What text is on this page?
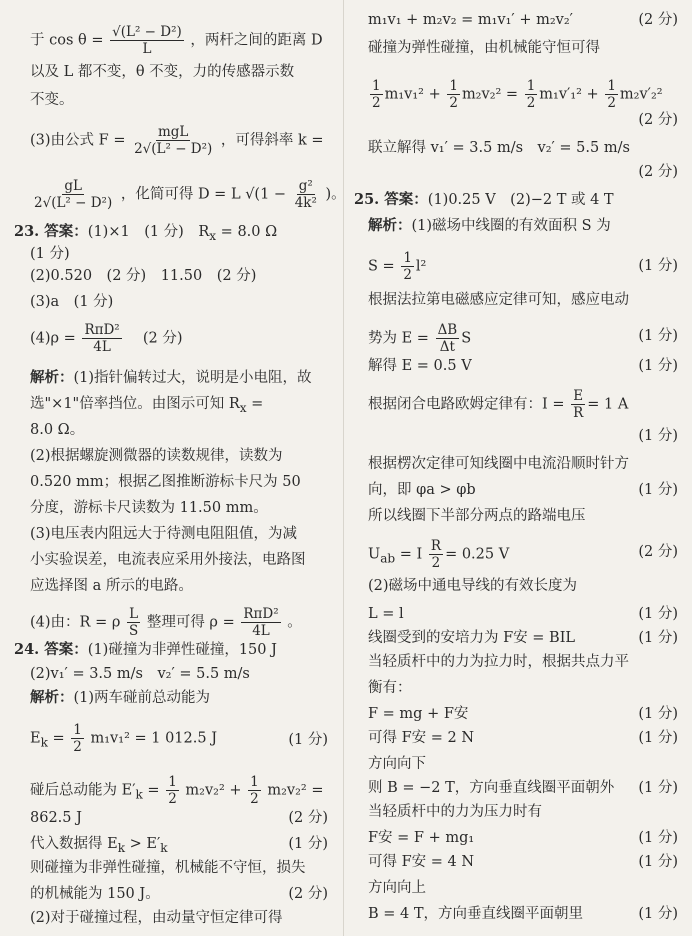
于 $\cos \theta = \frac{\text{√(L² − D²)}}{L}$ ，两杆之间的距离 D
以及 L 都不变，θ 不变，力的传感器示数
不变。
(3)由公式 $F = \frac{\text{mgL}}{\text{2√(L² − D²)}}$ ，可得斜率 k =
$\frac{gL}{\text{2√(L² − D²)}}$ ，化简可得 D = L $√(1 - \frac{\text{g²}}{\text{4k²}}$ )。
23. 答案：(1)×1　(1 分)　$R_x = 8.0$ Ω
(1 分)
(2)0.520　(2 分)　11.50　(2 分)
(3)a　(1 分)
$(4)\rho = \frac{\text{RπD²}}{4L}$ 　(2 分)
解析：(1)指针偏转过大，说明是小电阻，故
选"×1"倍率挡位。由图示可知 $R_x$ =
8.0 Ω。
(2)根据螺旋测微器的读数规律，读数为
0.520 mm；根据乙图推断游标卡尺为 50
分度，游标卡尺读数为 11.50 mm。
(3)电压表内阻远大于待测电阻阻值，为减
小实验误差，电流表应采用外接法，电路图
应选择图 a 所示的电路。
(4)由：R = ρ $\frac{L}{S}$ 整理可得 $\rho = \frac{\text{RπD²}}{4L}$ 。
24. 答案：(1)碰撞为非弹性碰撞，150 J
(2)v₁′ = 3.5 m/s　v₂′ = 5.5 m/s
解析：(1)两车碰前总动能为
$E_k = \frac{1}{2} m_1v_1^2 = 1$ 012.5 J	(1 分)
碰后总动能为 $E'_k = \frac{1}{2} m_2v_2^2 + \frac{1}{2} m_2v_2^2$ =
862.5 J	(2 分)
代入数据得 $E_k > E'_k$	(1 分)
则碰撞为非弹性碰撞，机械能不守恒，损失
的机械能为 150 J。	(2 分)
(2)对于碰撞过程，由动量守恒定律可得
m₁v₁ + m₂v₂ = m₁v₁′ + m₂v₂′	(2 分)
碰撞为弹性碰撞，由机械能守恒可得
$\frac{1}{2} m_1v_1^2 + \frac{1}{2} m_2v_2^2 = \frac{1}{2} m_1v'_1^2 + \frac{1}{2} m_2v'_2^2$
(2 分)
联立解得 v₁′ = 3.5 m/s　v₂′ = 5.5 m/s
(2 分)
25. 答案：(1)0.25 V　(2)−2 T 或 4 T
解析：(1)磁场中线圈的有效面积 S 为
$S = \frac{1}{2} l^2$	(1 分)
根据法拉第电磁感应定律可知，感应电动
势为 $E = \frac{\Delta B}{\Delta t}$ S	(1 分)
解得 E = 0.5 V	(1 分)
根据闭合电路欧姆定律有：$I = \frac{E}{R} = 1$ A
(1 分)
根据楞次定律可知线圈中电流沿顺时针方
向，即 φa > φb	(1 分)
所以线圈下半部分两点的路端电压
$U_{ab} = I \frac{R}{2} = 0.25$ V	(2 分)
(2)磁场中通电导线的有效长度为
L = l	(1 分)
线圈受到的安培力为 F安 = BIL	(1 分)
当轻质杆中的力为拉力时，根据共点力平
衡有：
F = mg + F安	(1 分)
可得 F安 = 2 N	(1 分)
方向向下
则 B = −2 T，方向垂直线圈平面朝外 (1 分)
当轻质杆中的力为压力时有
F安 = F + mg₁	(1 分)
可得 F安 = 4 N	(1 分)
方向向上
B = 4 T，方向垂直线圈平面朝里	(1 分)
